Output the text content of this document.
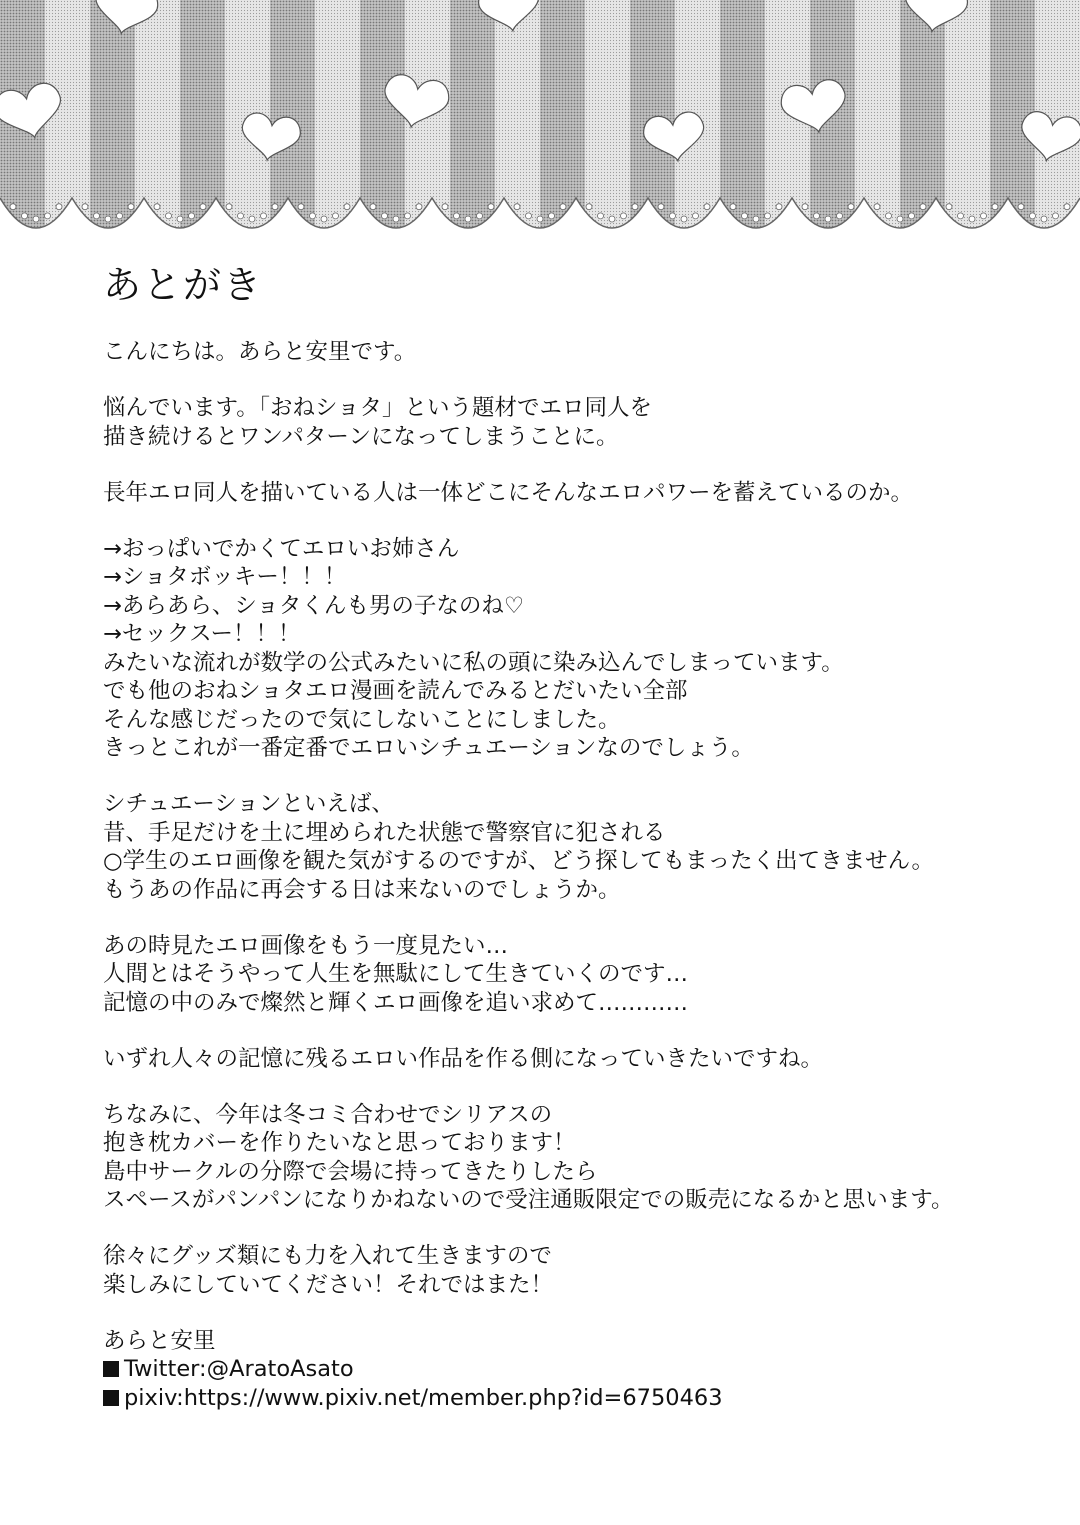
あとがき
こんにちは。あらと安里です。
悩んでいます。「おねショタ」という題材でエロ同人を
描き続けるとワンパターンになってしまうことに。
長年エロ同人を描いている人は一体どこにそんなエロパワーを蓄えているのか。
→おっぱいでかくてエロいお姉さん
→ショタボッキー！！！
→あらあら、ショタくんも男の子なのね♡
→セックスー！！！
みたいな流れが数学の公式みたいに私の頭に染み込んでしまっています。
でも他のおねショタエロ漫画を読んでみるとだいたい全部
そんな感じだったので気にしないことにしました。
きっとこれが一番定番でエロいシチュエーションなのでしょう。
シチュエーションといえば、
昔、手足だけを土に埋められた状態で警察官に犯される
○学生のエロ画像を観た気がするのですが、どう探してもまったく出てきません。
もうあの作品に再会する日は来ないのでしょうか。
あの時見たエロ画像をもう一度見たい…
人間とはそうやって人生を無駄にして生きていくのです…
記憶の中のみで燦然と輝くエロ画像を追い求めて…………
いずれ人々の記憶に残るエロい作品を作る側になっていきたいですね。
ちなみに、今年は冬コミ合わせでシリアスの
抱き枕カバーを作りたいなと思っております！
島中サークルの分際で会場に持ってきたりしたら
スペースがパンパンになりかねないので受注通販限定での販売になるかと思います。
徐々にグッズ類にも力を入れて生きますので
楽しみにしていてください！それではまた！
あらと安里
Twitter:@AratoAsato
pixiv:https://www.pixiv.net/member.php?id=6750463
